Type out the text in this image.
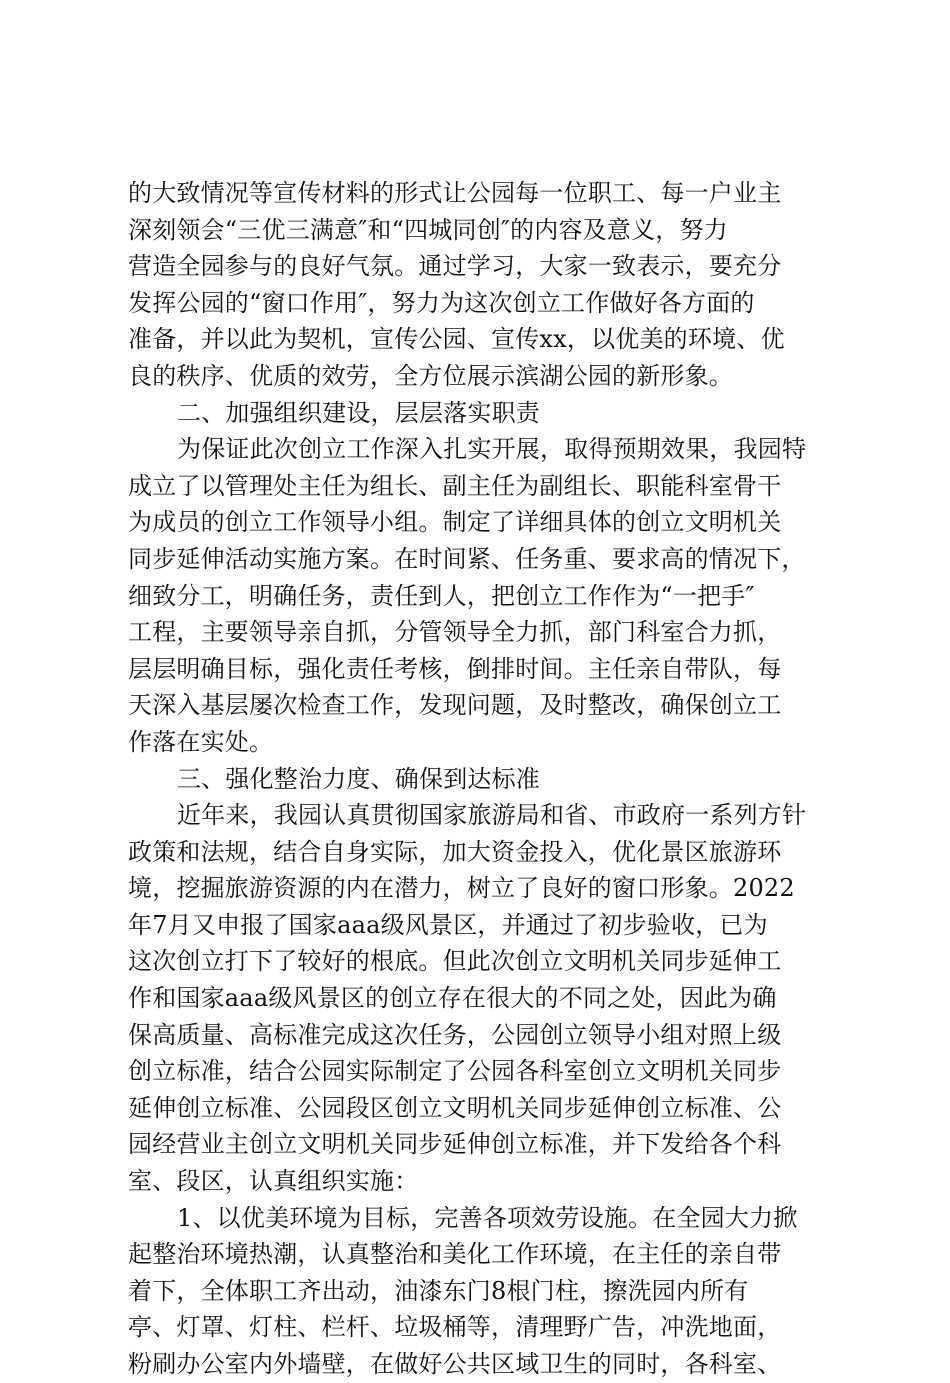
的大致情况等宣传材料的形式让公园每一位职工、每一户业主
深刻领会“三优三满意″和“四城同创″的内容及意义，努力
营造全园参与的良好气氛。通过学习，大家一致表示，要充分
发挥公园的“窗口作用″，努力为这次创立工作做好各方面的
准备，并以此为契机，宣传公园、宣传xx，以优美的环境、优
良的秩序、优质的效劳，全方位展示滨湖公园的新形象。
二、加强组织建设，层层落实职责
为保证此次创立工作深入扎实开展，取得预期效果，我园特
成立了以管理处主任为组长、副主任为副组长、职能科室骨干
为成员的创立工作领导小组。制定了详细具体的创立文明机关
同步延伸活动实施方案。在时间紧、任务重、要求高的情况下，
细致分工，明确任务，责任到人，把创立工作作为“一把手″
工程，主要领导亲自抓，分管领导全力抓，部门科室合力抓，
层层明确目标，强化责任考核，倒排时间。主任亲自带队，每
天深入基层屡次检查工作，发现问题，及时整改，确保创立工
作落在实处。
三、强化整治力度、确保到达标准
近年来，我园认真贯彻国家旅游局和省、市政府一系列方针
政策和法规，结合自身实际，加大资金投入，优化景区旅游环
境，挖掘旅游资源的内在潜力，树立了良好的窗口形象。2022
年7月又申报了国家aaa级风景区，并通过了初步验收，已为
这次创立打下了较好的根底。但此次创立文明机关同步延伸工
作和国家aaa级风景区的创立存在很大的不同之处，因此为确
保高质量、高标准完成这次任务，公园创立领导小组对照上级
创立标准，结合公园实际制定了公园各科室创立文明机关同步
延伸创立标准、公园段区创立文明机关同步延伸创立标准、公
园经营业主创立文明机关同步延伸创立标准，并下发给各个科
室、段区，认真组织实施：
1、以优美环境为目标，完善各项效劳设施。在全园大力掀
起整治环境热潮，认真整治和美化工作环境，在主任的亲自带
着下，全体职工齐出动，油漆东门8根门柱，擦洗园内所有
亭、灯罩、灯柱、栏杆、垃圾桶等，清理野广告，冲洗地面，
粉刷办公室内外墙壁，在做好公共区域卫生的同时，各科室、
